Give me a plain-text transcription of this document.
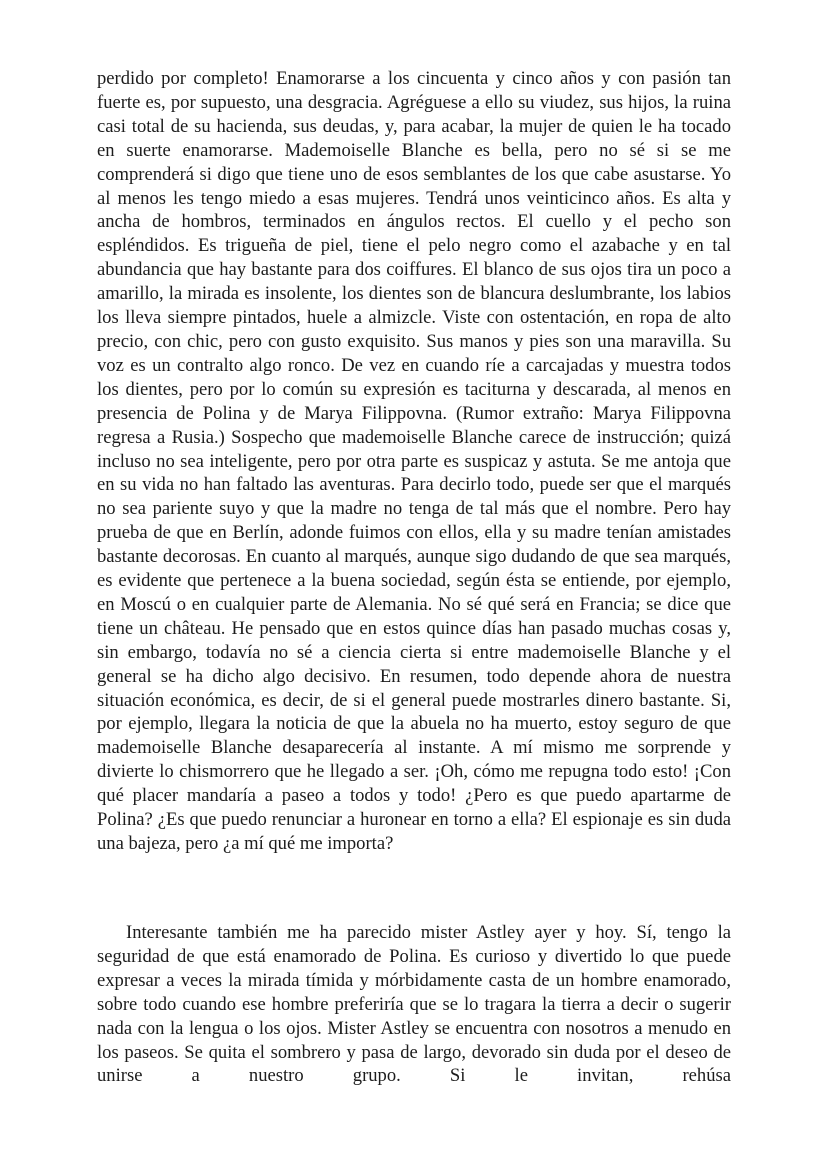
perdido por completo! Enamorarse a los cincuenta y cinco años y con pasión tan fuerte es, por supuesto, una desgracia. Agréguese a ello su viudez, sus hijos, la ruina casi total de su hacienda, sus deudas, y, para acabar, la mujer de quien le ha tocado en suerte enamorarse. Mademoiselle Blanche es bella, pero no sé si se me comprenderá si digo que tiene uno de esos semblantes de los que cabe asustarse. Yo al menos les tengo miedo a esas mujeres. Tendrá unos veinticinco años. Es alta y ancha de hombros, terminados en ángulos rectos. El cuello y el pecho son espléndidos. Es trigueña de piel, tiene el pelo negro como el azabache y en tal abundancia que hay bastante para dos coiffures. El blanco de sus ojos tira un poco a amarillo, la mirada es insolente, los dientes son de blancura deslumbrante, los labios los lleva siempre pintados, huele a almizcle. Viste con ostentación, en ropa de alto precio, con chic, pero con gusto exquisito. Sus manos y pies son una maravilla. Su voz es un contralto algo ronco. De vez en cuando ríe a carcajadas y muestra todos los dientes, pero por lo común su expresión es taciturna y descarada, al menos en presencia de Polina y de Marya Filippovna. (Rumor extraño: Marya Filippovna regresa a Rusia.) Sospecho que mademoiselle Blanche carece de instrucción; quizá incluso no sea inteligente, pero por otra parte es suspicaz y astuta. Se me antoja que en su vida no han faltado las aventuras. Para decirlo todo, puede ser que el marqués no sea pariente suyo y que la madre no tenga de tal más que el nombre. Pero hay prueba de que en Berlín, adonde fuimos con ellos, ella y su madre tenían amistades bastante decorosas. En cuanto al marqués, aunque sigo dudando de que sea marqués, es evidente que pertenece a la buena sociedad, según ésta se entiende, por ejemplo, en Moscú o en cualquier parte de Alemania. No sé qué será en Francia; se dice que tiene un château. He pensado que en estos quince días han pasado muchas cosas y, sin embargo, todavía no sé a ciencia cierta si entre mademoiselle Blanche y el general se ha dicho algo decisivo. En resumen, todo depende ahora de nuestra situación económica, es decir, de si el general puede mostrarles dinero bastante. Si, por ejemplo, llegara la noticia de que la abuela no ha muerto, estoy seguro de que mademoiselle Blanche desaparecería al instante. A mí mismo me sorprende y divierte lo chismorrero que he llegado a ser. ¡Oh, cómo me repugna todo esto! ¡Con qué placer mandaría a paseo a todos y todo! ¿Pero es que puedo apartarme de Polina? ¿Es que puedo renunciar a huronear en torno a ella? El espionaje es sin duda una bajeza, pero ¿a mí qué me importa?

Interesante también me ha parecido mister Astley ayer y hoy. Sí, tengo la seguridad de que está enamorado de Polina. Es curioso y divertido lo que puede expresar a veces la mirada tímida y mórbidamente casta de un hombre enamorado, sobre todo cuando ese hombre preferiría que se lo tragara la tierra a decir o sugerir nada con la lengua o los ojos. Mister Astley se encuentra con nosotros a menudo en los paseos. Se quita el sombrero y pasa de largo, devorado sin duda por el deseo de unirse a nuestro grupo. Si le invitan, rehúsa
